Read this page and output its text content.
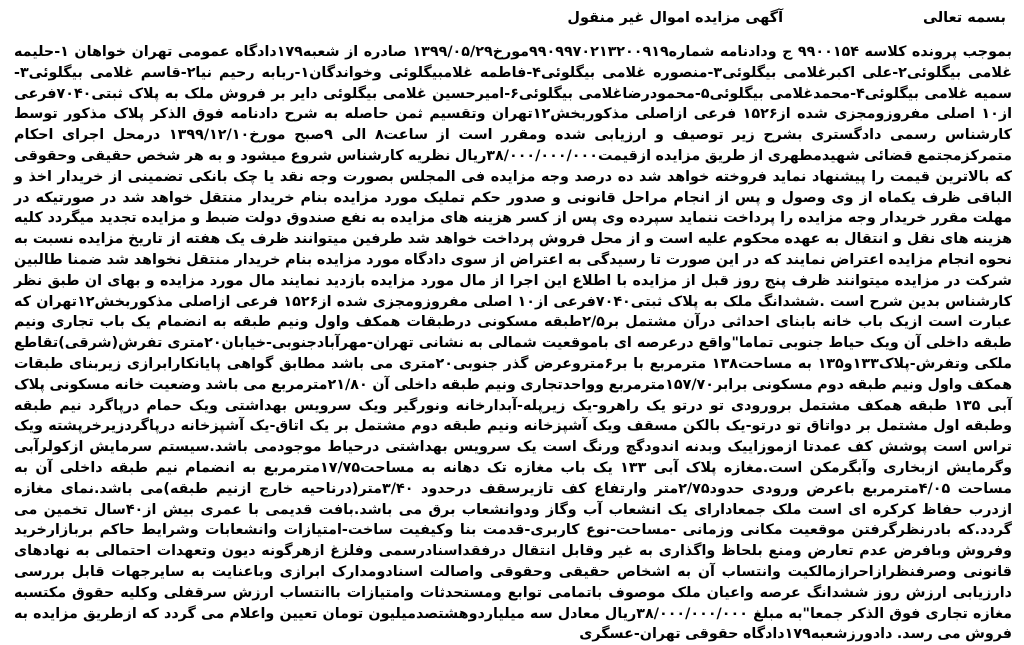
بسمه تعالی
آگهی مزایده اموال غیر منقول
بموجب پرونده کلاسه ۹۹۰۰۱۵۴ ج ودادنامه شماره۹۹۰۹۹۷۰۲۱۳۲۰۰۹۱۹مورخ۱۳۹۹/۰۵/۲۹ صادره از شعبه۱۷۹دادگاه عمومی تهران خواهان ۱-حلیمه غلامی بیگلوئی۲-علی اکبرغلامی بیگلوئی۳-منصوره غلامی بیگلوئی۴-فاطمه غلامبیگلوئی وخواندگان۱-ربابه رحیم نیا۲-قاسم غلامی بیگلوئی۳-سمیه غلامی بیگلوئی۴-محمدغلامی بیگلوئی۵-محمودرضاغلامی بیگلوئی۶-امیرحسین غلامی بیگلوئی دایر بر فروش ملک به پلاک ثبتی۷۰۴۰فرعی از۱۰ اصلی مفروزومجزی شده از۱۵۲۶ فرعی ازاصلی مذکوربخش۱۲تهران وتقسیم ثمن حاصله به شرح دادنامه فوق الذکر پلاک مذکور توسط کارشناس رسمی دادگستری بشرح زیر توصیف و ارزیابی شده ومقرر است از ساعت۸ الی ۹صبح مورخ۱۳۹۹/۱۲/۱۰ درمحل اجرای احکام متمرکزمجتمع قضائی شهیدمطهری از طریق مزایده ازقیمت۳۸/۰۰۰/۰۰۰/۰۰۰ریال نظریه کارشناس شروع میشود و به هر شخص حقیقی وحقوقی که بالاترین قیمت را پیشنهاد نماید فروخته خواهد شد ده درصد وجه مزایده فی المجلس بصورت وجه نقد یا چک بانکی تضمینی از خریدار اخذ و الباقی ظرف یکماه از وی وصول و پس از انجام مراحل قانونی و صدور حکم تملیک مورد مزایده بنام خریدار منتقل خواهد شد در صورتیکه در مهلت مقرر خریدار وجه مزایده را پرداخت ننماید سپرده وی پس از کسر هزینه های مزایده به نفع صندوق دولت ضبط و مزایده تجدید میگردد کلیه هزینه های نقل و انتقال به عهده محکوم علیه است و از محل فروش پرداخت خواهد شد طرفین میتوانند ظرف یک هفته از تاریخ مزایده نسبت به نحوه انجام مزایده اعتراض نمایند که در این صورت تا رسیدگی به اعتراض از سوی دادگاه مورد مزایده بنام خریدار منتقل نخواهد شد ضمنا طالبین شرکت در مزایده میتوانند ظرف پنج روز قبل از مزایده با اطلاع این اجرا از مال مورد مزایده بازدید نمایند مال مورد مزایده و بهای ان طبق نظر کارشناس بدین شرح است .ششدانگ ملک به پلاک ثبتی۷۰۴۰فرعی از۱۰ اصلی مفروزومجزی شده از۱۵۲۶ فرعی ازاصلی مذکوربخش۱۲تهران که عبارت است ازیک باب خانه بابنای احداثی درآن مشتمل بر۲/۵طبقه مسکونی درطبقات همکف واول ونیم طبقه به انضمام یک باب تجاری ونیم طبقه داخلی آن ویک حیاط جنوبی تماما"واقع درعرصه ای باموقعیت شمالی به نشانی تهران-مهرآبادجنوبی-خیابان۲۰متری تفرش(شرقی)تقاطع ملکی وتفرش-پلاک۱۳۳و۱۳۵ به مساحت۱۳۸ مترمربع با بر۶متروعرض گذر جنوبی۲۰متری می باشد مطابق گواهی پایانکارابرازی زیربنای طبقات همکف واول ونیم طبقه دوم مسکونی برابر۱۵۷/۷۰مترمربع وواحدتجاری ونیم طبقه داخلی آن ۲۱/۸۰مترمربع می باشد وضعیت خانه مسکونی پلاک آبی ۱۳۵ طبقه همکف مشتمل برورودی تو درتو یک راهرو-یک زیرپله-آبدارخانه ونورگیر ویک سرویس بهداشتی ویک حمام درپاگرد نیم طبقه وطبقه اول مشتمل بر دواتاق تو درتو-یک بالکن مسقف ویک آشپزخانه ونیم طبقه دوم مشتمل بر یک اتاق-یک آشپزخانه درپاگردزیرخرپشته ویک تراس است پوشش کف عمدتا ازموزاییک وبدنه اندودگچ ورنگ است یک سرویس بهداشتی درحیاط موجودمی باشد.سیستم سرمایش ازکولرآبی وگرمایش ازبخاری وآبگرمکن است.مغازه پلاک آبی ۱۳۳ یک باب مغازه تک دهانه به مساحت۱۷/۷۵مترمربع به انضمام نیم طبقه داخلی آن به مساحت ۴/۰۵مترمربع باعرض ورودی حدود۲/۷۵متر وارتفاع کف تازیرسقف درحدود ۳/۴۰متر(درناحیه خارج ازنیم طبقه)می باشد.نمای مغازه ازدرب حفاظ کرکره ای است ملک جمعادارای یک انشعاب آب وگاز ودوانشعاب برق می باشد.بافت قدیمی با عمری بیش از۴۰سال تخمین می گردد.که بادرنظرگرفتن موقعیت مکانی وزمانی -مساحت-نوع کاربری-قدمت بنا وکیفیت ساخت-امتیازات وانشعابات وشرایط حاکم بربازارخرید وفروش وبافرض عدم تعارض ومنع بلحاظ واگذاری به غیر وقابل انتقال درفقداسنادرسمی وفلزغ ازهرگونه دیون وتعهدات احتمالی به نهادهای قانونی وصرفنظرازاحرازمالکیت وانتساب آن به اشخاص حقیقی وحقوقی واصالت اسنادومدارک ابرازی وباعنایت به سایرجهات قابل بررسی دارزیابی ارزش روز ششدانگ عرصه واعیان ملک موصوف باتمامی توابع ومستحدثات وامتیازات باانتساب ارزش سرقفلی وکلیه حقوق مکتسبه مغازه تجاری فوق الذکر جمعا"به مبلغ ۳۸/۰۰۰/۰۰۰/۰۰۰ریال معادل سه میلیاردوهشتصدمیلیون تومان تعیین واعلام می گردد که ازطریق مزایده به فروش می رسد. دادورزشعبه۱۷۹دادگاه حقوقی تهران-عسگری
